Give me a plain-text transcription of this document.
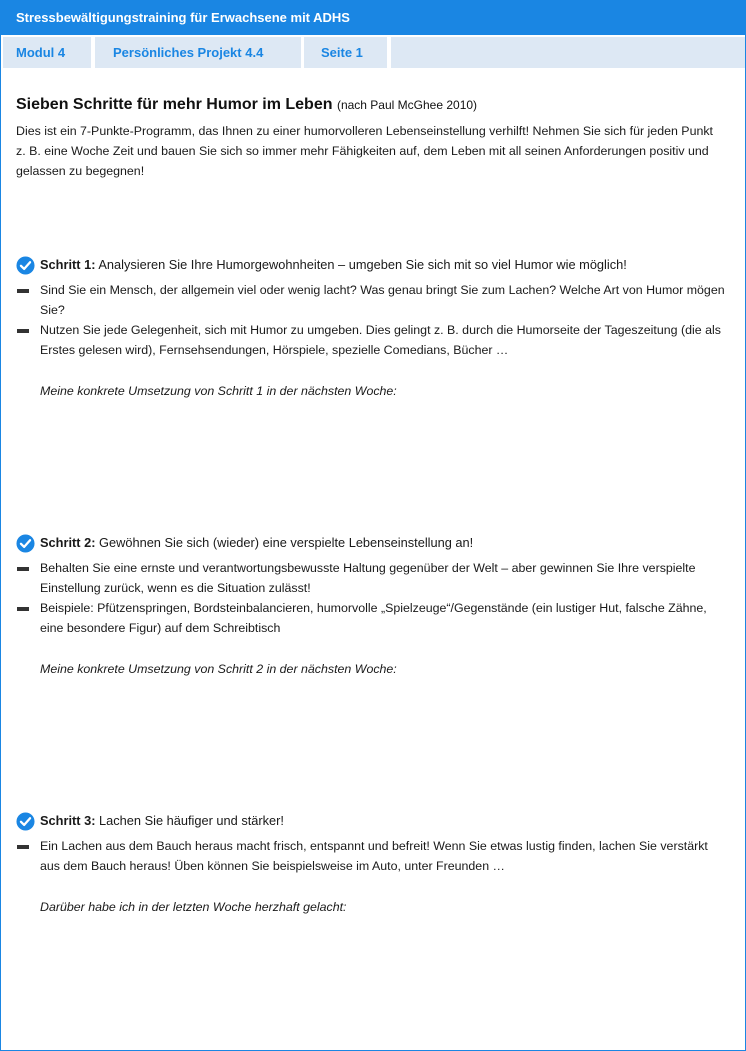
Stressbewältigungstraining für Erwachsene mit ADHS
Modul 4	Persönliches Projekt 4.4	Seite 1
Sieben Schritte für mehr Humor im Leben (nach Paul McGhee 2010)

Dies ist ein 7-Punkte-Programm, das Ihnen zu einer humorvolleren Lebenseinstellung verhilft! Nehmen Sie sich für jeden Punkt z. B. eine Woche Zeit und bauen Sie sich so immer mehr Fähigkeiten auf, dem Leben mit all seinen Anforderungen positiv und gelassen zu begegnen!

Schritt 1: Analysieren Sie Ihre Humorgewohnheiten – umgeben Sie sich mit so viel Humor wie möglich!
Sind Sie ein Mensch, der allgemein viel oder wenig lacht? Was genau bringt Sie zum Lachen? Welche Art von Humor mögen Sie?
Nutzen Sie jede Gelegenheit, sich mit Humor zu umgeben. Dies gelingt z. B. durch die Humorseite der Tageszeitung (die als Erstes gelesen wird), Fernsehsendungen, Hörspiele, spezielle Comedians, Bücher …
Meine konkrete Umsetzung von Schritt 1 in der nächsten Woche:
Schritt 2: Gewöhnen Sie sich (wieder) eine verspielte Lebenseinstellung an!
Behalten Sie eine ernste und verantwortungsbewusste Haltung gegenüber der Welt – aber gewinnen Sie Ihre verspielte Einstellung zurück, wenn es die Situation zulässt!
Beispiele: Pfützenspringen, Bordsteinbalancieren, humorvolle „Spielzeuge“/Gegenstände (ein lustiger Hut, falsche Zähne, eine besondere Figur) auf dem Schreibtisch
Meine konkrete Umsetzung von Schritt 2 in der nächsten Woche:
Schritt 3: Lachen Sie häufiger und stärker!
Ein Lachen aus dem Bauch heraus macht frisch, entspannt und befreit! Wenn Sie etwas lustig finden, lachen Sie verstärkt aus dem Bauch heraus! Üben können Sie beispielsweise im Auto, unter Freunden …
Darüber habe ich in der letzten Woche herzhaft gelacht:
